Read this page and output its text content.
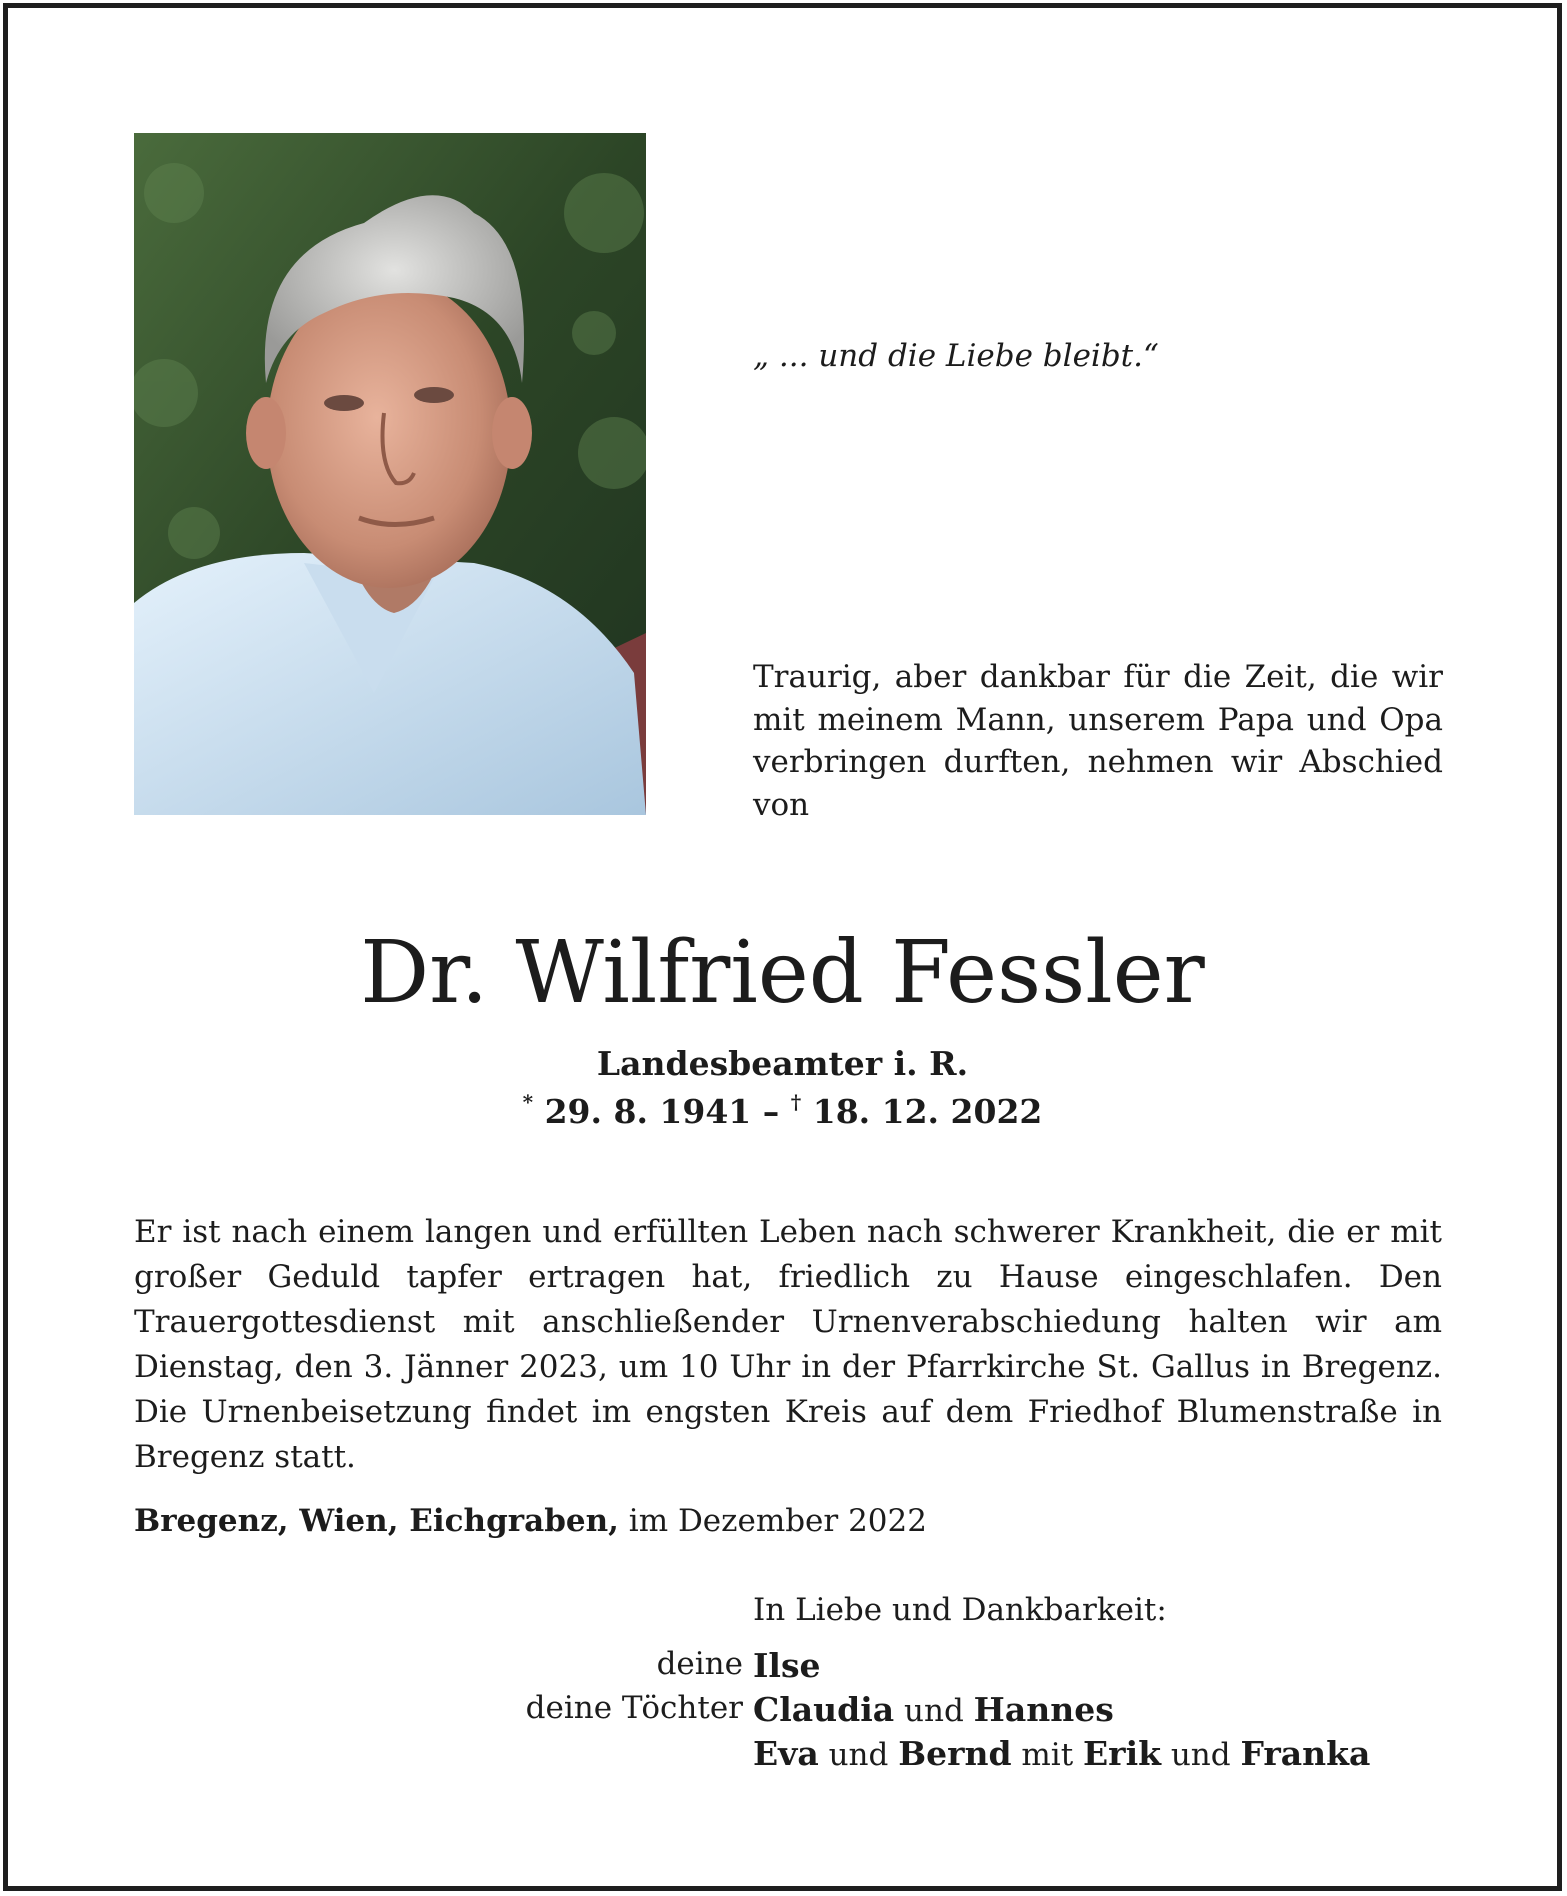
„ ... und die Liebe bleibt.“
Traurig, aber dankbar für die Zeit, die wir mit meinem Mann, unserem Papa und Opa verbringen durften, nehmen wir Abschied von
Dr. Wilfried Fessler
Landesbeamter i. R.
* 29. 8. 1941 – † 18. 12. 2022
Er ist nach einem langen und erfüllten Leben nach schwerer Krankheit, die er mit großer Geduld tapfer ertragen hat, friedlich zu Hause eingeschlafen. Den Trauergottesdienst mit anschließender Urnenverabschiedung halten wir am Dienstag, den 3. Jänner 2023, um 10 Uhr in der Pfarrkirche St. Gallus in Bregenz. Die Urnenbeisetzung findet im engsten Kreis auf dem Friedhof Blumenstraße in Bregenz statt.
Bregenz, Wien, Eichgraben, im Dezember 2022
In Liebe und Dankbarkeit:
deine Ilse
deine Töchter Claudia und Hannes
Eva und Bernd mit Erik und Franka
